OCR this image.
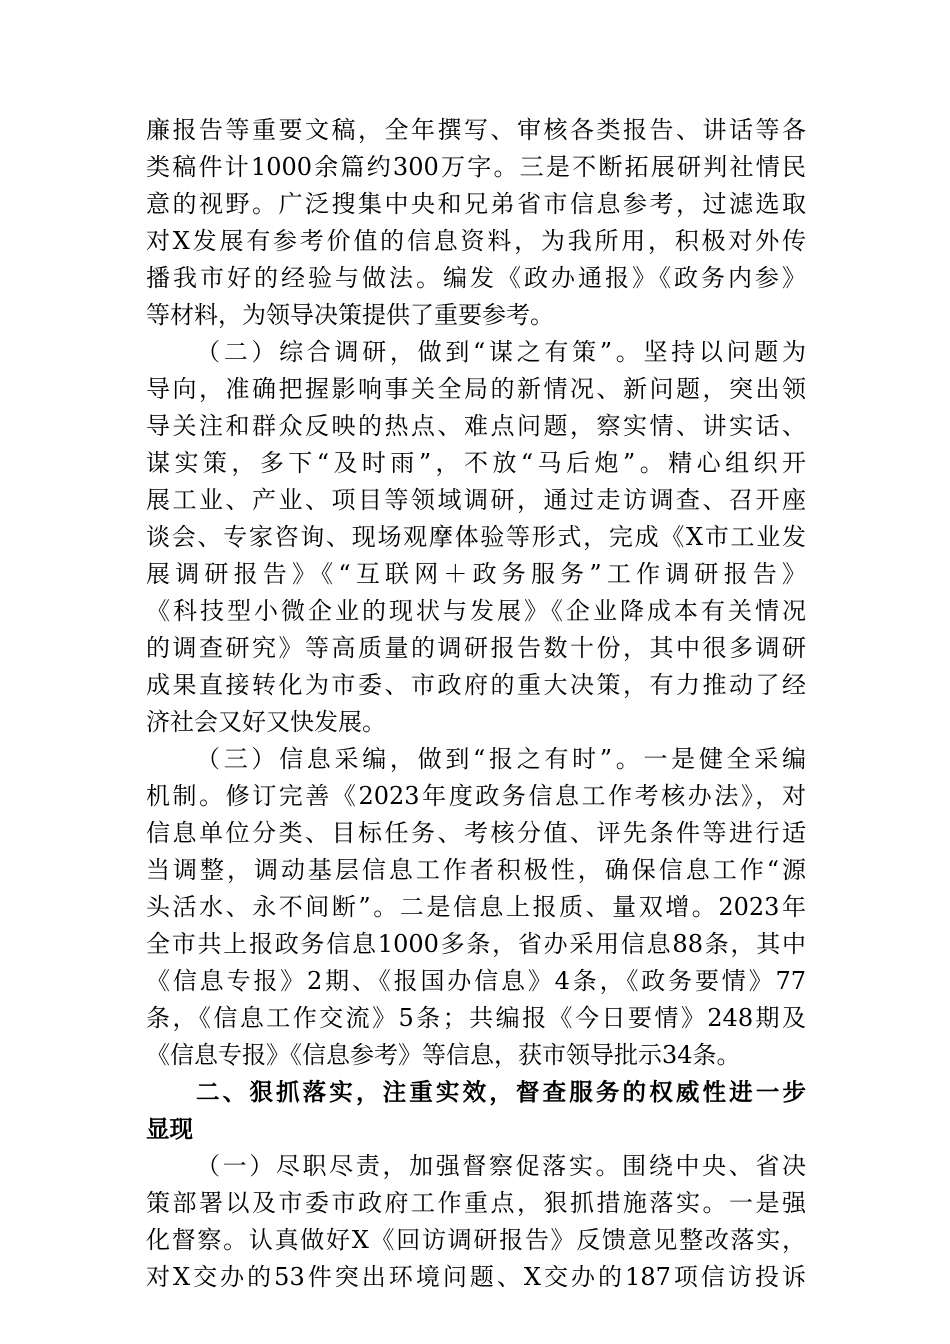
廉报告等重要文稿，全年撰写、审核各类报告、讲话等各
类稿件计1000余篇约300万字。三是不断拓展研判社情民
意的视野。广泛搜集中央和兄弟省市信息参考，过滤选取
对X发展有参考价值的信息资料，为我所用，积极对外传
播我市好的经验与做法。编发《政办通报》《政务内参》
等材料，为领导决策提供了重要参考。
（二）综合调研，做到“谋之有策”。坚持以问题为
导向，准确把握影响事关全局的新情况、新问题，突出领
导关注和群众反映的热点、难点问题，察实情、讲实话、
谋实策，多下“及时雨”，不放“马后炮”。精心组织开
展工业、产业、项目等领域调研，通过走访调查、召开座
谈会、专家咨询、现场观摩体验等形式，完成《X市工业发
展调研报告》《“互联网＋政务服务”工作调研报告》
《科技型小微企业的现状与发展》《企业降成本有关情况
的调查研究》等高质量的调研报告数十份，其中很多调研
成果直接转化为市委、市政府的重大决策，有力推动了经
济社会又好又快发展。
（三）信息采编，做到“报之有时”。一是健全采编
机制。修订完善《2023年度政务信息工作考核办法》，对
信息单位分类、目标任务、考核分值、评先条件等进行适
当调整，调动基层信息工作者积极性，确保信息工作“源
头活水、永不间断”。二是信息上报质、量双增。2023年
全市共上报政务信息1000多条，省办采用信息88条，其中
《信息专报》2期、《报国办信息》4条，《政务要情》77
条，《信息工作交流》5条；共编报《今日要情》248期及
《信息专报》《信息参考》等信息，获市领导批示34条。
二、狠抓落实，注重实效，督查服务的权威性进一步
显现
（一）尽职尽责，加强督察促落实。围绕中央、省决
策部署以及市委市政府工作重点，狠抓措施落实。一是强
化督察。认真做好X《回访调研报告》反馈意见整改落实，
对X交办的53件突出环境问题、X交办的187项信访投诉
